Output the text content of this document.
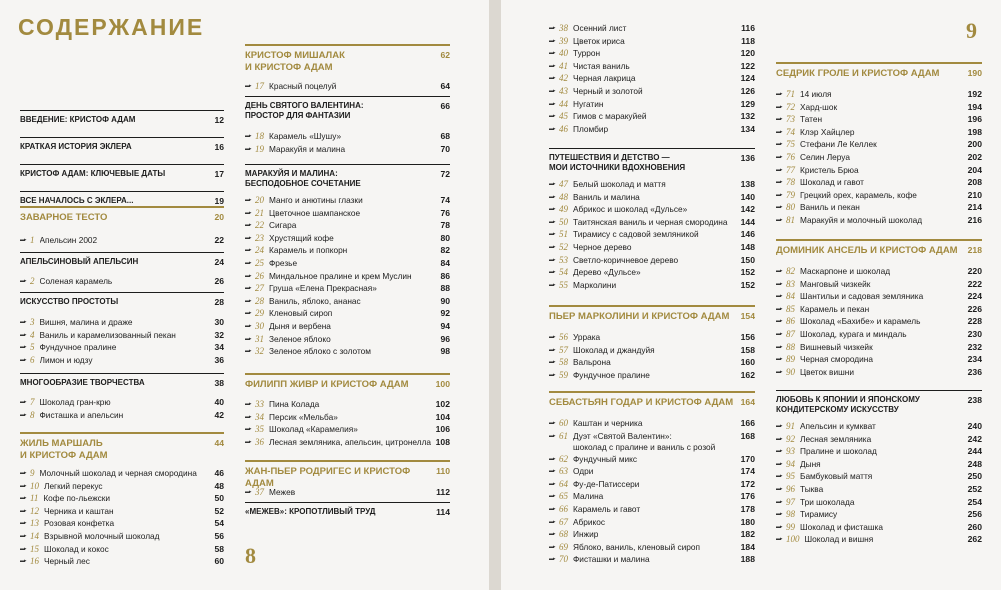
СОДЕРЖАНИЕ
8
ВВЕДЕНИЕ: КРИСТОФ АДАМ	12
КРАТКАЯ ИСТОРИЯ ЭКЛЕРА	16
КРИСТОФ АДАМ: КЛЮЧЕВЫЕ ДАТЫ	17
ВСЕ НАЧАЛОСЬ С ЭКЛЕРА...	19
ЗАВАРНОЕ ТЕСТО	20
▬▸ 1 Апельсин 2002	22
АПЕЛЬСИНОВЫЙ АПЕЛЬСИН	24
▬▸ 2 Соленая карамель	26
ИСКУССТВО ПРОСТОТЫ	28
▬▸ 3 Вишня, малина и драже	30
▬▸ 4 Ваниль и карамелизованный пекан	32
▬▸ 5 Фундучное пралине	34
▬▸ 6 Лимон и юдзу	36
МНОГООБРАЗИЕ ТВОРЧЕСТВА	38
▬▸ 7 Шоколад гран-крю	40
▬▸ 8 Фисташка и апельсин	42
ЖИЛЬ МАРШАЛЬ
И КРИСТОФ АДАМ
44
▬▸ 9 Молочный шоколад и черная смородина	46
▬▸ 10 Легкий перекус	48
▬▸ 11 Кофе по-льежски	50
▬▸ 12 Черника и каштан	52
▬▸ 13 Розовая конфетка	54
▬▸ 14 Взрывной молочный шоколад	56
▬▸ 15 Шоколад и кокос	58
▬▸ 16 Черный лес	60
КРИСТОФ МИШАЛАК
И КРИСТОФ АДАМ
62
▬▸ 17 Красный поцелуй	64
ДЕНЬ СВЯТОГО ВАЛЕНТИНА:
ПРОСТОР ДЛЯ ФАНТАЗИИ
66
▬▸ 18 Карамель «Шушу»	68
▬▸ 19 Маракуйя и малина	70
МАРАКУЙЯ И МАЛИНА:
БЕСПОДОБНОЕ СОЧЕТАНИЕ
72
▬▸ 20 Манго и анютины глазки	74
▬▸ 21 Цветочное шампанское	76
▬▸ 22 Сигара	78
▬▸ 23 Хрустящий кофе	80
▬▸ 24 Карамель и попкорн	82
▬▸ 25 Фрезье	84
▬▸ 26 Миндальное пралине и крем Муслин	86
▬▸ 27 Груша «Елена Прекрасная»	88
▬▸ 28 Ваниль, яблоко, ананас	90
▬▸ 29 Кленовый сироп	92
▬▸ 30 Дыня и вербена	94
▬▸ 31 Зеленое яблоко	96
▬▸ 32 Зеленое яблоко с золотом	98
ФИЛИПП ЖИВР И КРИСТОФ АДАМ	100
▬▸ 33 Пина Колада	102
▬▸ 34 Персик «Мельба»	104
▬▸ 35 Шоколад «Карамелия»	106
▬▸ 36 Лесная земляника, апельсин, цитронелла 108
ЖАН-ПЬЕР РОДРИГЕС И КРИСТОФ АДАМ
110
▬▸ 37 Межев	112
«МЕЖЕВ»: КРОПОТЛИВЫЙ ТРУД	114
9
▬▸ 38 Осенний лист	116
▬▸ 39 Цветок ириса	118
▬▸ 40 Туррон	120
▬▸ 41 Чистая ваниль	122
▬▸ 42 Черная лакрица	124
▬▸ 43 Черный и золотой	126
▬▸ 44 Нугатин	129
▬▸ 45 Гимов с маракуйей	132
▬▸ 46 Пломбир	134
ПУТЕШЕСТВИЯ И ДЕТСТВО —
МОИ ИСТОЧНИКИ ВДОХНОВЕНИЯ
136
▬▸ 47 Белый шоколад и маття	138
▬▸ 48 Ваниль и малина	140
▬▸ 49 Абрикос и шоколад «Дульсе»	142
▬▸ 50 Таитянская ваниль и черная смородина	144
▬▸ 51 Тирамису с садовой земляникой	146
▬▸ 52 Черное дерево	148
▬▸ 53 Светло-коричневое дерево	150
▬▸ 54 Дерево «Дульсе»	152
▬▸ 55 Марколини	152
ПЬЕР МАРКОЛИНИ И КРИСТОФ АДАМ 154
▬▸ 56 Уррака	156
▬▸ 57 Шоколад и джандуйя	158
▬▸ 58 Вальрона	160
▬▸ 59 Фундучное пралине	162
СЕБАСТЬЯН ГОДАР И КРИСТОФ АДАМ 164
▬▸ 60 Каштан и черника	166
▬▸ 61 Дуэт «Святой Валентин»:
шоколад с пралине и ваниль с розой
168
▬▸ 62 Фундучный микс	170
▬▸ 63 Одри	174
▬▸ 64 Фу-де-Патиссери	172
▬▸ 65 Малина	176
▬▸ 66 Карамель и гавот	178
▬▸ 67 Абрикос	180
▬▸ 68 Инжир	182
▬▸ 69 Яблоко, ваниль, кленовый сироп	184
▬▸ 70 Фисташки и малина	188
СЕДРИК ГРОЛЕ И КРИСТОФ АДАМ	190
▬▸ 71 14 июля	192
▬▸ 72 Хард-шок	194
▬▸ 73 Татен	196
▬▸ 74 Клэр Хайцлер	198
▬▸ 75 Стефани Ле Келлек	200
▬▸ 76 Селин Леруа	202
▬▸ 77 Кристель Брюа	204
▬▸ 78 Шоколад и гавот	208
▬▸ 79 Грецкий орех, карамель, кофе	210
▬▸ 80 Ваниль и пекан	214
▬▸ 81 Маракуйя и молочный шоколад	216
ДОМИНИК АНСЕЛЬ И КРИСТОФ АДАМ 218
▬▸ 82 Маскарпоне и шоколад	220
▬▸ 83 Манговый чизкейк	222
▬▸ 84 Шантильи и садовая земляника	224
▬▸ 85 Карамель и пекан	226
▬▸ 86 Шоколад «Бахибе» и карамель	228
▬▸ 87 Шоколад, курага и миндаль	230
▬▸ 88 Вишневый чизкейк	232
▬▸ 89 Черная смородина	234
▬▸ 90 Цветок вишни	236
ЛЮБОВЬ К ЯПОНИИ И ЯПОНСКОМУ
КОНДИТЕРСКОМУ ИСКУССТВУ
238
▬▸ 91 Апельсин и кумкват	240
▬▸ 92 Лесная земляника	242
▬▸ 93 Пралине и шоколад	244
▬▸ 94 Дыня	248
▬▸ 95 Бамбуковый маття	250
▬▸ 96 Тыква	252
▬▸ 97 Три шоколада	254
▬▸ 98 Тирамису	256
▬▸ 99 Шоколад и фисташка	260
▬▸ 100 Шоколад и вишня	262
